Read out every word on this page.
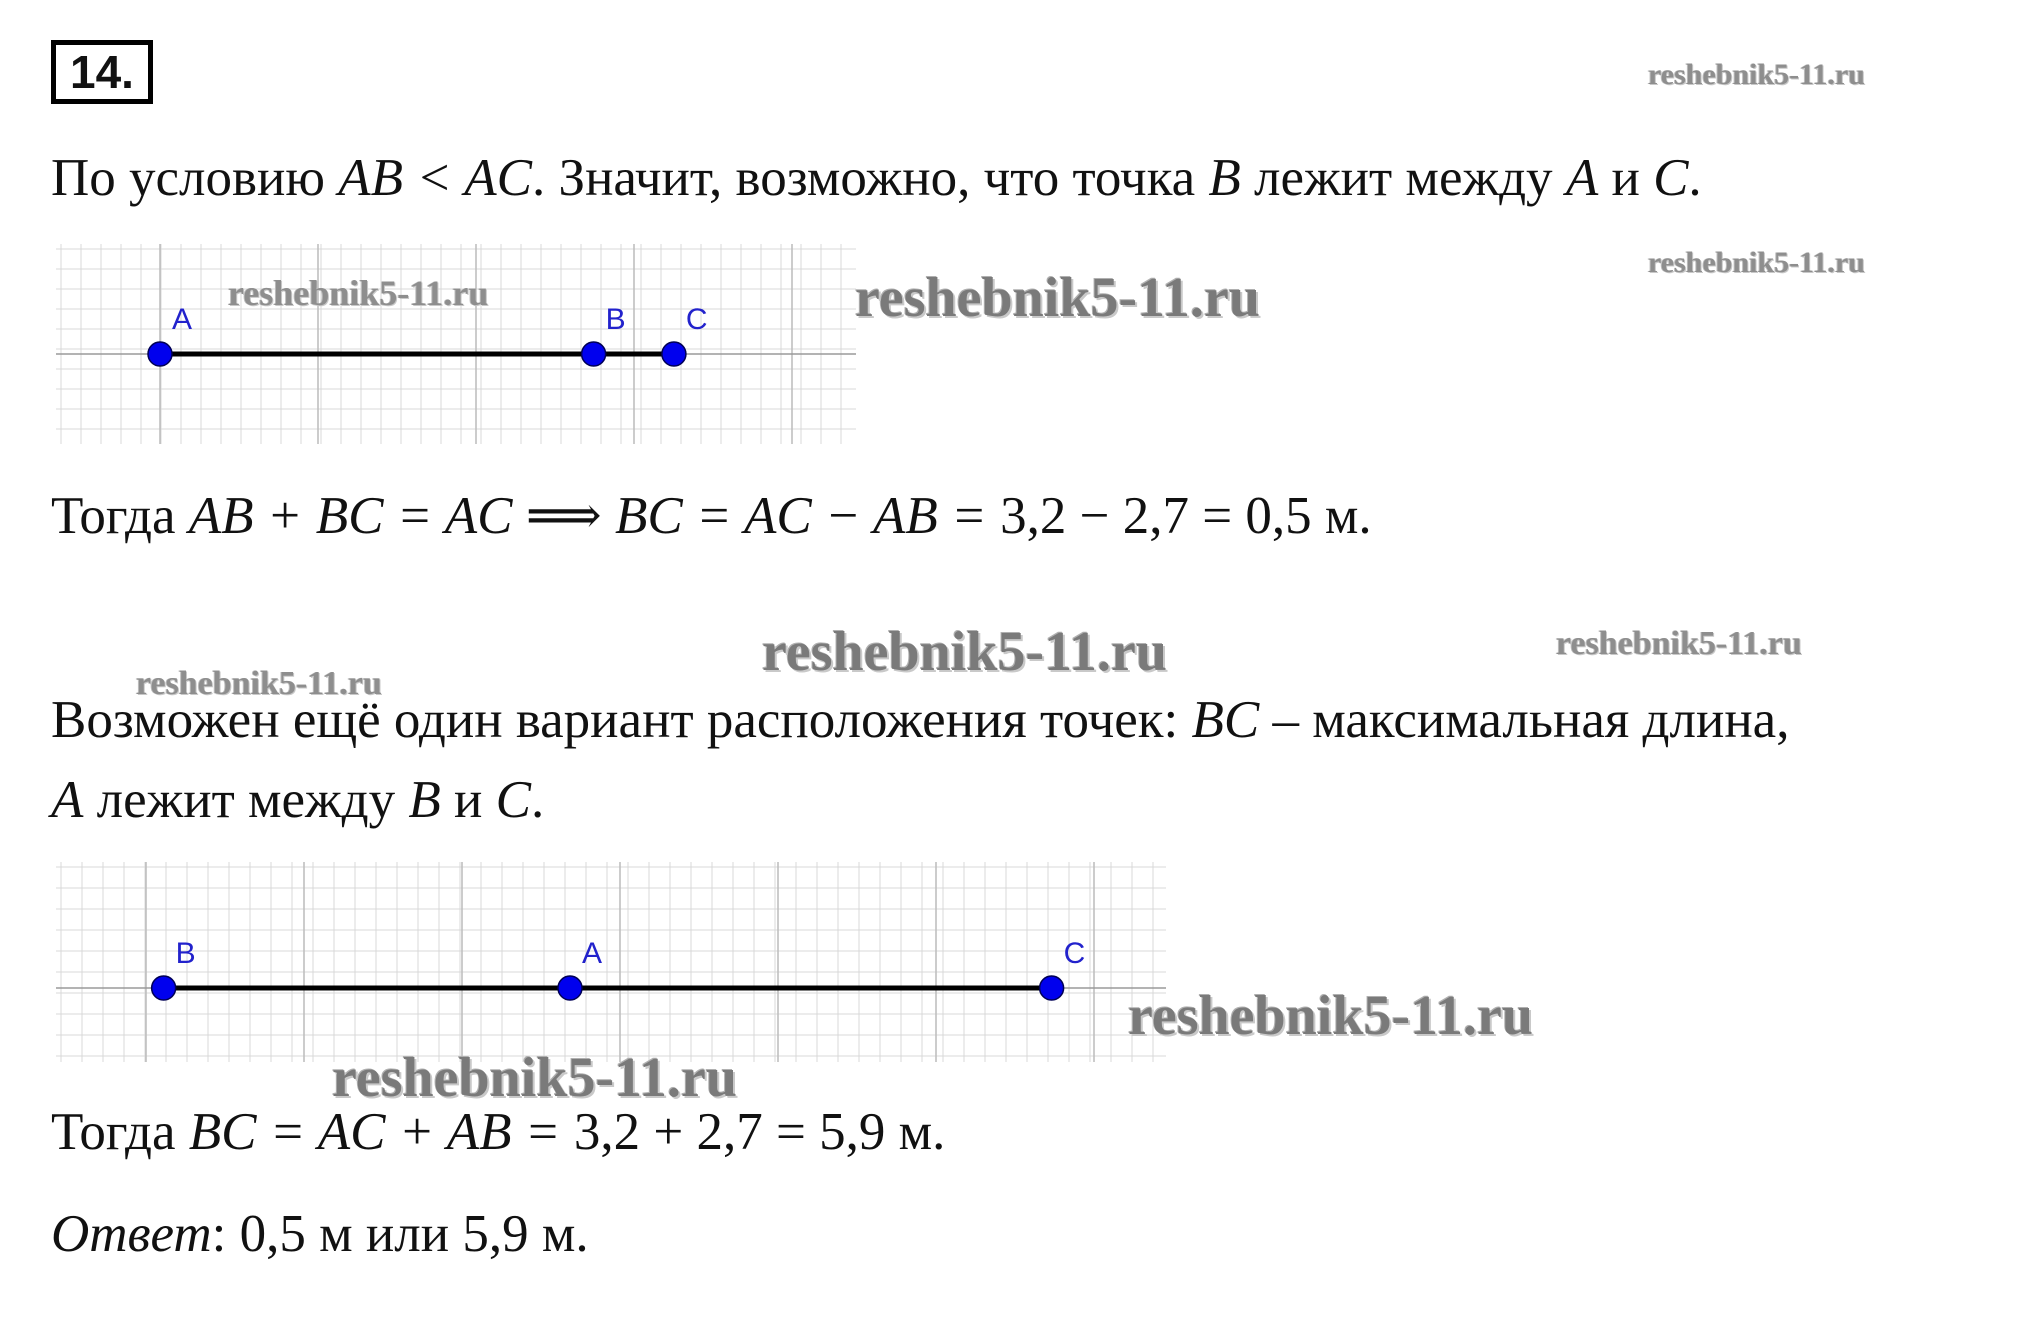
14.	reshebnik5-11.ru
По условию AB < AC. Значит, возможно, что точка B лежит между A и C.
reshebnik5-11.ru
A	B C
reshebnik5-11.ru	reshebnik5-11.ru
Тогда AB + BC = AC ⟹ BC = AC − AB = 3,2 − 2,7 = 0,5 м.
reshebnik5-11.ru	reshebnik5-11.ru
reshebnik5-11.ru
Возможен ещё один вариант расположения точек: BC – максимальная длина,
A лежит между B и C.
B	A	C
reshebnik5-11.ru
reshebnik5-11.ru
Тогда BC = AC + AB = 3,2 + 2,7 = 5,9 м.
Ответ: 0,5 м или 5,9 м.
